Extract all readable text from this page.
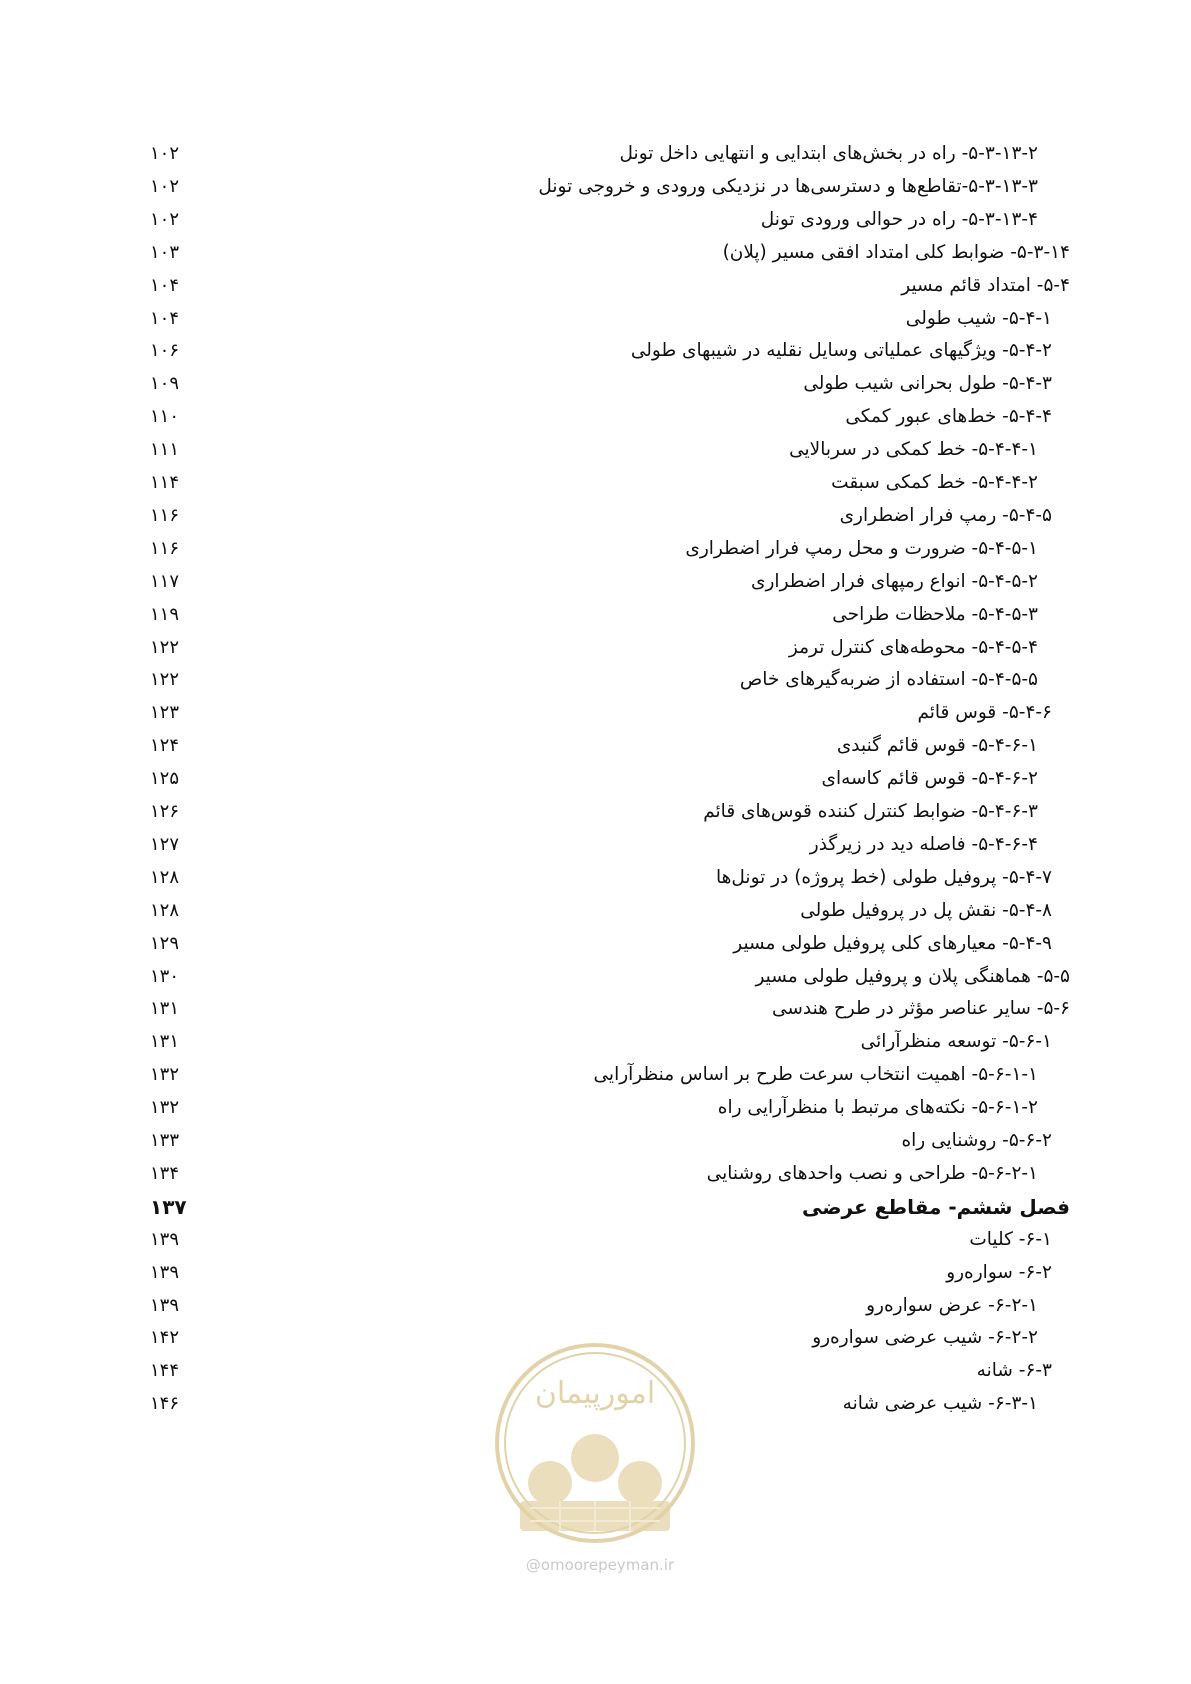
۵-۳-۱۳-۲- راه در بخش‌های ابتدایی و انتهایی داخل تونل
۱۰۲
۵-۳-۱۳-۳-تقاطع‌ها و دسترسی‌ها در نزدیکی ورودی و خروجی تونل
۱۰۲
۵-۳-۱۳-۴- راه در حوالی ورودی تونل
۱۰۲
۵-۳-۱۴- ضوابط کلی امتداد افقی مسیر (پلان)
۱۰۳
۵-۴- امتداد قائم مسیر
۱۰۴
۵-۴-۱- شیب طولی
۱۰۴
۵-۴-۲- ویژگیهای عملیاتی وسایل نقلیه در شیبهای طولی
۱۰۶
۵-۴-۳- طول بحرانی شیب طولی
۱۰۹
۵-۴-۴- خط‌های عبور کمکی
۱۱۰
۵-۴-۴-۱- خط کمکی در سربالایی
۱۱۱
۵-۴-۴-۲- خط کمکی سبقت
۱۱۴
۵-۴-۵- رمپ فرار اضطراری
۱۱۶
۵-۴-۵-۱- ضرورت و محل رمپ فرار اضطراری
۱۱۶
۵-۴-۵-۲- انواع رمپهای فرار اضطراری
۱۱۷
۵-۴-۵-۳- ملاحظات طراحی
۱۱۹
۵-۴-۵-۴- محوطه‌های کنترل ترمز
۱۲۲
۵-۴-۵-۵- استفاده از ضربه‌گیرهای خاص
۱۲۲
۵-۴-۶- قوس قائم
۱۲۳
۵-۴-۶-۱- قوس قائم گنبدی
۱۲۴
۵-۴-۶-۲- قوس قائم کاسه‌ای
۱۲۵
۵-۴-۶-۳- ضوابط کنترل کننده قوس‌های قائم
۱۲۶
۵-۴-۶-۴- فاصله دید در زیرگذر
۱۲۷
۵-۴-۷- پروفیل طولی (خط پروژه) در تونل‌ها
۱۲۸
۵-۴-۸- نقش پل در پروفیل طولی
۱۲۸
۵-۴-۹- معیارهای کلی پروفیل طولی مسیر
۱۲۹
۵-۵- هماهنگی پلان و پروفیل طولی مسیر
۱۳۰
۵-۶- سایر عناصر مؤثر در طرح هندسی
۱۳۱
۵-۶-۱- توسعه منظرآرائی
۱۳۱
۵-۶-۱-۱- اهمیت انتخاب سرعت طرح بر اساس منظرآرایی
۱۳۲
۵-۶-۱-۲- نکته‌های مرتبط با منظرآرایی راه
۱۳۲
۵-۶-۲- روشنایی راه
۱۳۳
۵-۶-۲-۱- طراحی و نصب واحدهای روشنایی
۱۳۴
فصل ششم- مقاطع عرضی
۱۳۷
۶-۱- کلیات
۱۳۹
۶-۲- سواره‌رو
۱۳۹
۶-۲-۱- عرض سواره‌رو
۱۳۹
۶-۲-۲- شیب عرضی سواره‌رو
۱۴۲
۶-۳- شانه
۱۴۴
۶-۳-۱- شیب عرضی شانه
۱۴۶	امورپیمان
@omoorepeyman.ir
